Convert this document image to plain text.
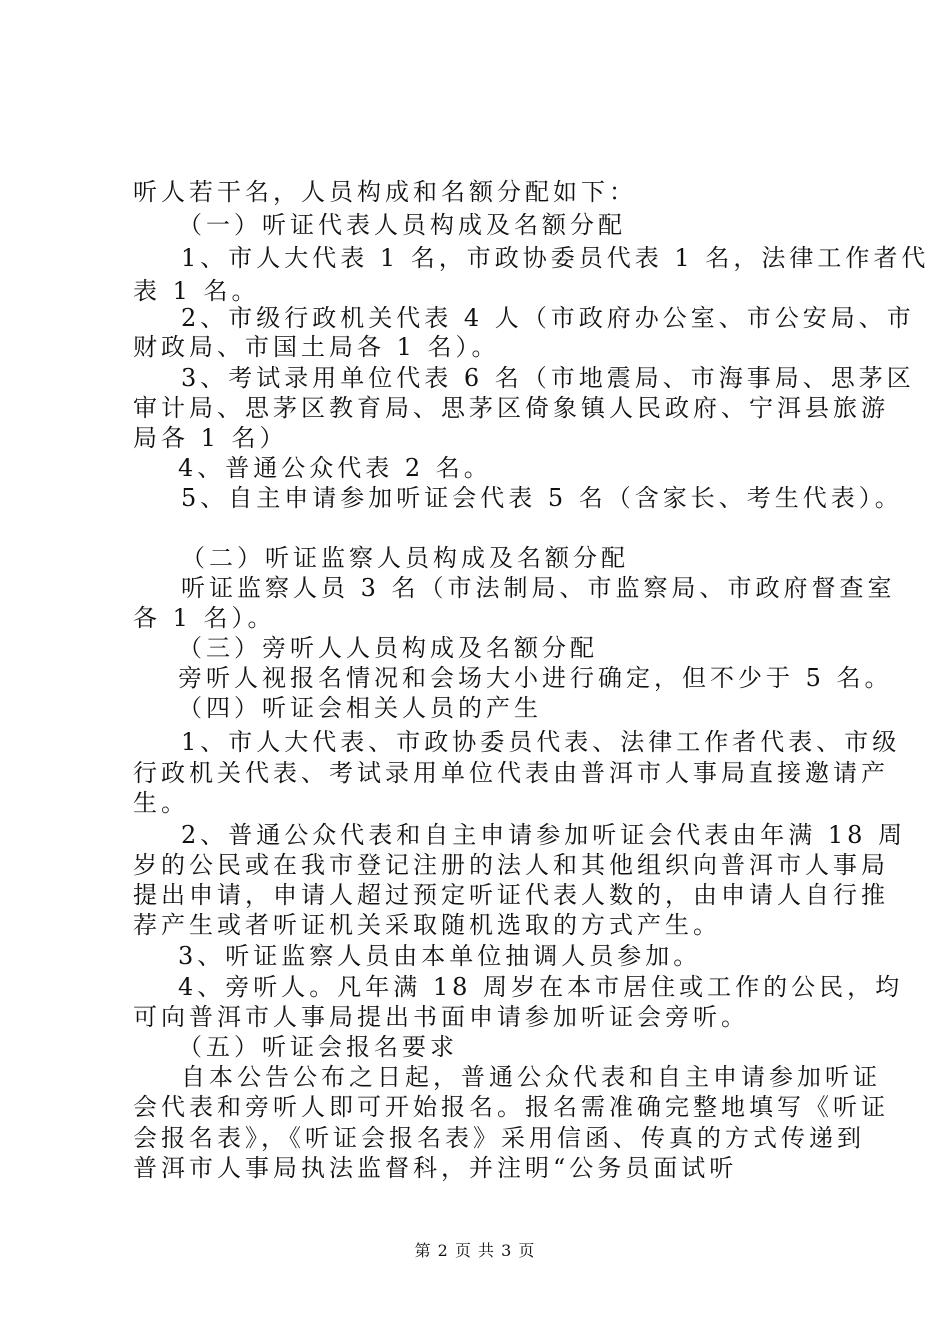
听人若干名，人员构成和名额分配如下：
（一）听证代表人员构成及名额分配
1、市人大代表 1 名，市政协委员代表 1 名，法律工作者代
表 1 名。
2、市级行政机关代表 4 人（市政府办公室、市公安局、市
财政局、市国土局各 1 名）。
3、考试录用单位代表 6 名（市地震局、市海事局、思茅区
审计局、思茅区教育局、思茅区倚象镇人民政府、宁洱县旅游
局各 1 名）
4、普通公众代表 2 名。
5、自主申请参加听证会代表 5 名（含家长、考生代表）。
（二）听证监察人员构成及名额分配
听证监察人员 3 名（市法制局、市监察局、市政府督查室
各 1 名）。
（三）旁听人人员构成及名额分配
旁听人视报名情况和会场大小进行确定，但不少于 5 名。
（四）听证会相关人员的产生
1、市人大代表、市政协委员代表、法律工作者代表、市级
行政机关代表、考试录用单位代表由普洱市人事局直接邀请产
生。
2、普通公众代表和自主申请参加听证会代表由年满 18 周
岁的公民或在我市登记注册的法人和其他组织向普洱市人事局
提出申请，申请人超过预定听证代表人数的，由申请人自行推
荐产生或者听证机关采取随机选取的方式产生。
3、听证监察人员由本单位抽调人员参加。
4、旁听人。凡年满 18 周岁在本市居住或工作的公民，均
可向普洱市人事局提出书面申请参加听证会旁听。
（五）听证会报名要求
自本公告公布之日起，普通公众代表和自主申请参加听证
会代表和旁听人即可开始报名。报名需准确完整地填写《听证
会报名表》，《听证会报名表》采用信函、传真的方式传递到
普洱市人事局执法监督科，并注明“公务员面试听
第 2 页 共 3 页
